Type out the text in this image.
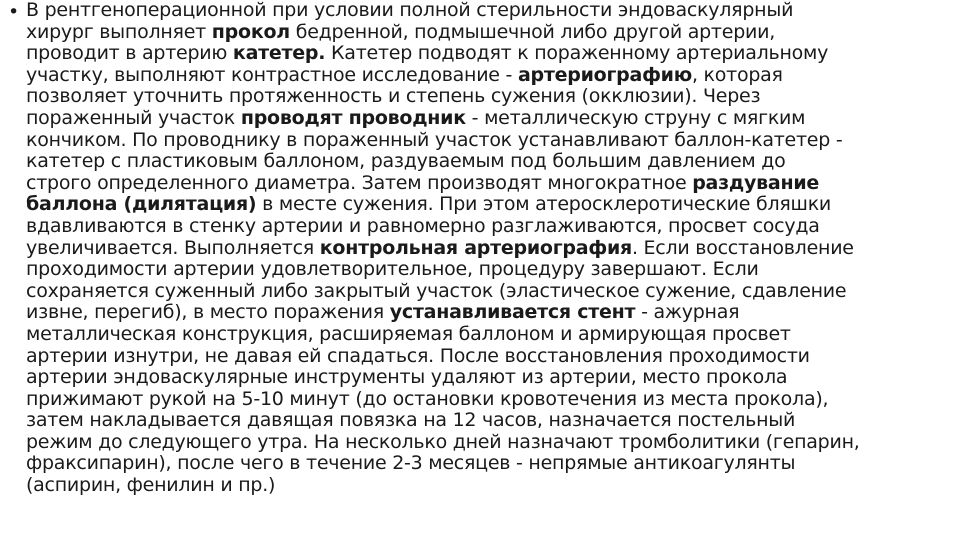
• В рентгеноперационной при условии полной стерильности эндоваскулярный
хирург выполняет прокол бедренной, подмышечной либо другой артерии,
проводит в артерию катетер. Катетер подводят к пораженному артериальному
участку, выполняют контрастное исследование - артериографию, которая
позволяет уточнить протяженность и степень сужения (окклюзии). Через
пораженный участок проводят проводник - металлическую струну с мягким
кончиком. По проводнику в пораженный участок устанавливают баллон-катетер -
катетер с пластиковым баллоном, раздуваемым под большим давлением до
строго определенного диаметра. Затем производят многократное раздувание
баллона (дилятация) в месте сужения. При этом атеросклеротические бляшки
вдавливаются в стенку артерии и равномерно разглаживаются, просвет сосуда
увеличивается. Выполняется контрольная артериография. Если восстановление
проходимости артерии удовлетворительное, процедуру завершают. Если
сохраняется суженный либо закрытый участок (эластическое сужение, сдавление
извне, перегиб), в место поражения устанавливается стент - ажурная
металлическая конструкция, расширяемая баллоном и армирующая просвет
артерии изнутри, не давая ей спадаться. После восстановления проходимости
артерии эндоваскулярные инструменты удаляют из артерии, место прокола
прижимают рукой на 5-10 минут (до остановки кровотечения из места прокола),
затем накладывается давящая повязка на 12 часов, назначается постельный
режим до следующего утра. На несколько дней назначают тромболитики (гепарин,
фраксипарин), после чего в течение 2-3 месяцев - непрямые антикоагулянты
(аспирин, фенилин и пр.)
